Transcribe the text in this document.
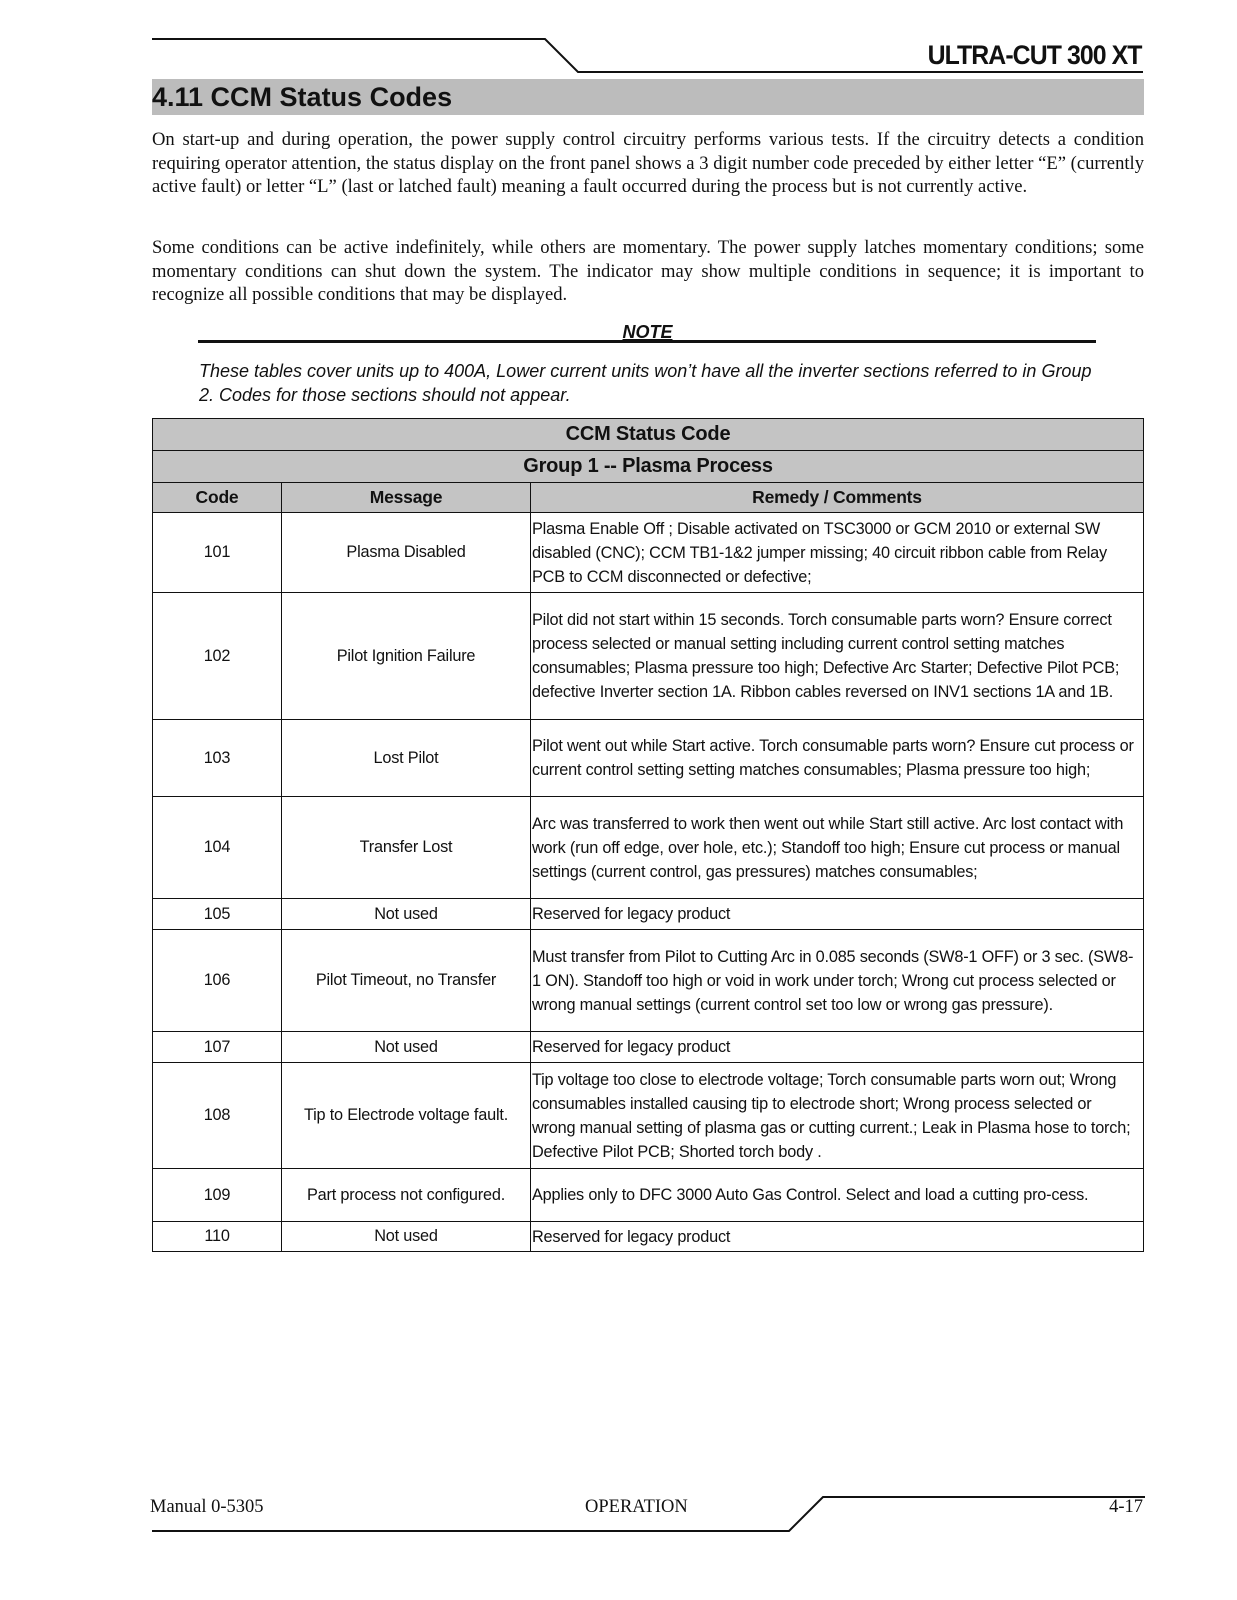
ULTRA-CUT 300 XT
4.11 CCM Status Codes
On start-up and during operation, the power supply control circuitry performs various tests. If the circuitry detects a condition requiring operator attention, the status display on the front panel shows a 3 digit number code preceded by either letter “E” (currently active fault) or letter “L” (last or latched fault) meaning a fault occurred during the process but is not currently active.
Some conditions can be active indefinitely, while others are momentary. The power supply latches momentary conditions; some momentary conditions can shut down the system. The indicator may show multiple conditions in sequence; it is important to recognize all possible conditions that may be displayed.
NOTE
These tables cover units up to 400A, Lower current units won’t have all the inverter sections referred to in Group 2. Codes for those sections should not appear.
CCM Status Code		
Group 1 -- Plasma Process		
Code	Message	Remedy / Comments
101	Plasma Disabled	Plasma Enable Off ; Disable activated on TSC3000 or GCM 2010 or external SW disabled (CNC); CCM TB1-1&2 jumper missing; 40 circuit ribbon cable from Relay PCB to CCM disconnected or defective;
102	Pilot Ignition Failure	Pilot did not start within 15 seconds. Torch consumable parts worn? Ensure correct process selected or manual setting including current control setting matches consumables; Plasma pressure too high; Defective Arc Starter; Defective Pilot PCB; defective Inverter section 1A. Ribbon cables reversed on INV1 sections 1A and 1B.
103	Lost Pilot	Pilot went out while Start active. Torch consumable parts worn? Ensure cut process or current control setting setting matches consumables; Plasma pressure too high;
104	Transfer Lost	Arc was transferred to work then went out while Start still active. Arc lost contact with work (run off edge, over hole, etc.); Standoff too high; Ensure cut process or manual settings (current control, gas pressures) matches consumables;
105	Not used	Reserved for legacy product
106	Pilot Timeout, no Transfer	Must transfer from Pilot to Cutting Arc in 0.085 seconds (SW8-1 OFF) or 3 sec. (SW8-1 ON). Standoff too high or void in work under torch; Wrong cut process selected or wrong manual settings (current control set too low or wrong gas pressure).
107	Not used	Reserved for legacy product
108	Tip to Electrode voltage fault.	Tip voltage too close to electrode voltage; Torch consumable parts worn out; Wrong consumables installed causing tip to electrode short; Wrong process selected or wrong manual setting of plasma gas or cutting current.; Leak in Plasma hose to torch; Defective Pilot PCB; Shorted torch body .
109	Part process not configured.	Applies only to DFC 3000 Auto Gas Control. Select and load a cutting pro-cess.
110	Not used	Reserved for legacy product
Manual 0-5305	OPERATION	4-17
